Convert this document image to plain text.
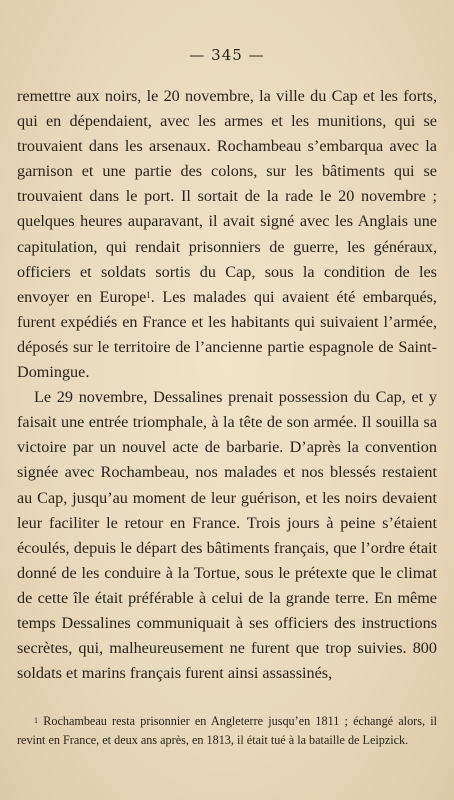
— 345 —

remettre aux noirs, le 20 novembre, la ville du Cap et les forts, qui en dépendaient, avec les armes et les munitions, qui se trouvaient dans les arsenaux. Rochambeau s’embarqua avec la garnison et une partie des colons, sur les bâtiments qui se trouvaient dans le port. Il sortait de la rade le 20 novembre ; quelques heures auparavant, il avait signé avec les Anglais une capitulation, qui rendait prisonniers de guerre, les généraux, officiers et soldats sortis du Cap, sous la condition de les envoyer en Europe$^1$. Les malades qui avaient été embarqués, furent expédiés en France et les habitants qui suivaient l’armée, déposés sur le territoire de l’ancienne partie espagnole de Saint-Domingue.

Le 29 novembre, Dessalines prenait possession du Cap, et y faisait une entrée triomphale, à la tête de son armée. Il souilla sa victoire par un nouvel acte de barbarie. D’après la convention signée avec Rochambeau, nos malades et nos blessés restaient au Cap, jusqu’au moment de leur guérison, et les noirs devaient leur faciliter le retour en France. Trois jours à peine s’étaient écoulés, depuis le départ des bâtiments français, que l’ordre était donné de les conduire à la Tortue, sous le prétexte que le climat de cette île était préférable à celui de la grande terre. En même temps Dessalines communiquait à ses officiers des instructions secrètes, qui, malheureusement ne furent que trop suivies. 800 soldats et marins français furent ainsi assassinés,

$^1$ Rochambeau resta prisonnier en Angleterre jusqu’en 1811 ; échangé alors, il revint en France, et deux ans après, en 1813, il était tué à la bataille de Leipzick.
